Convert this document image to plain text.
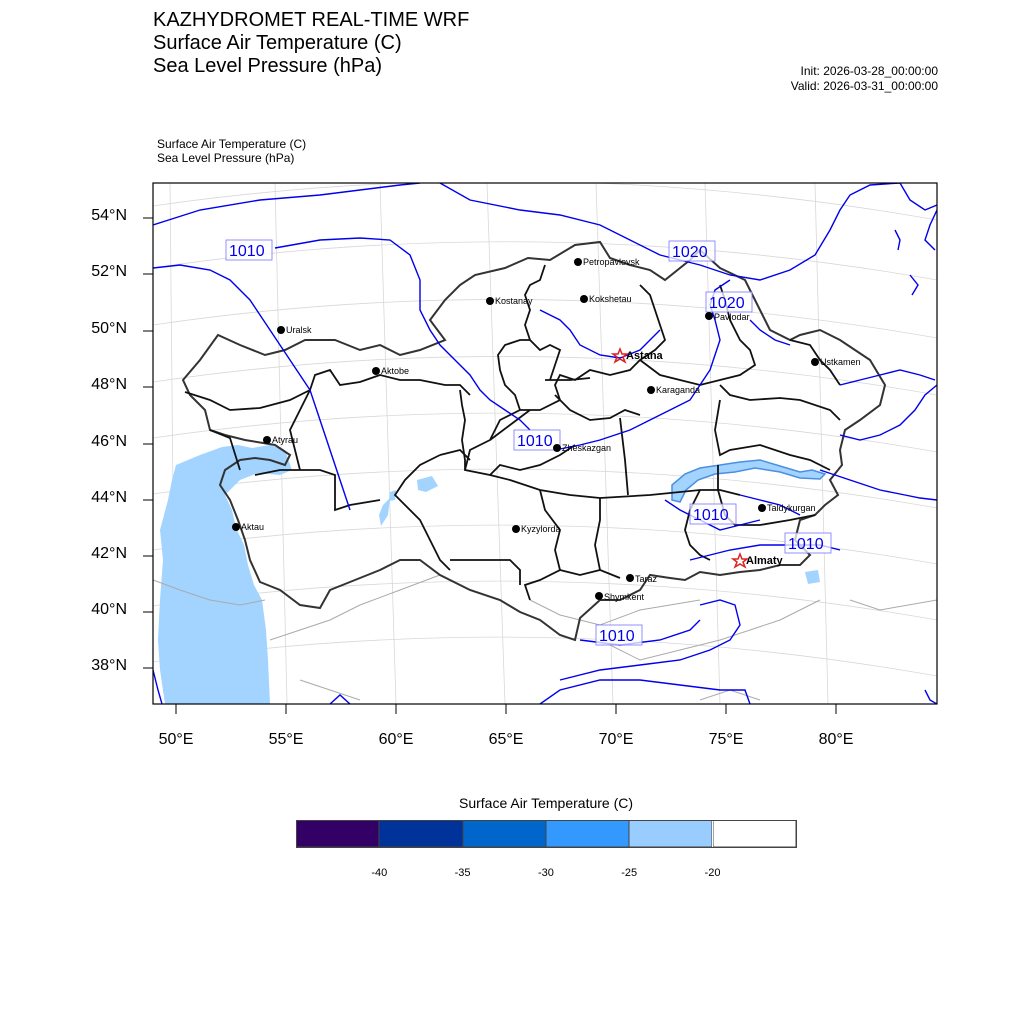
KAZHYDROMET REAL-TIME WRF
Surface Air Temperature (C)
Sea Level Pressure (hPa)	Init: 2026-03-28_00:00:00
Valid: 2026-03-31_00:00:00
Surface Air Temperature (C)
Sea Level Pressure (hPa)
1010	1020
1020
1010
1010
1010
1010
Petropavlovsk
Kostanay	Kokshetau
Uralsk
Pavlodar
Aktobe
Ustkamen
Karaganda
Atyrau
Zheskazgan
Taldykurgan
Aktau	Kyzylorda
Taraz
Shymkent
Astana
Almaty
54°N
52°N
50°N
48°N
46°N
44°N
42°N
40°N
38°N
50°E	55°E	60°E	65°E	70°E	75°E	80°E
Surface Air Temperature (C)
-40	-35	-30	-25	-20
